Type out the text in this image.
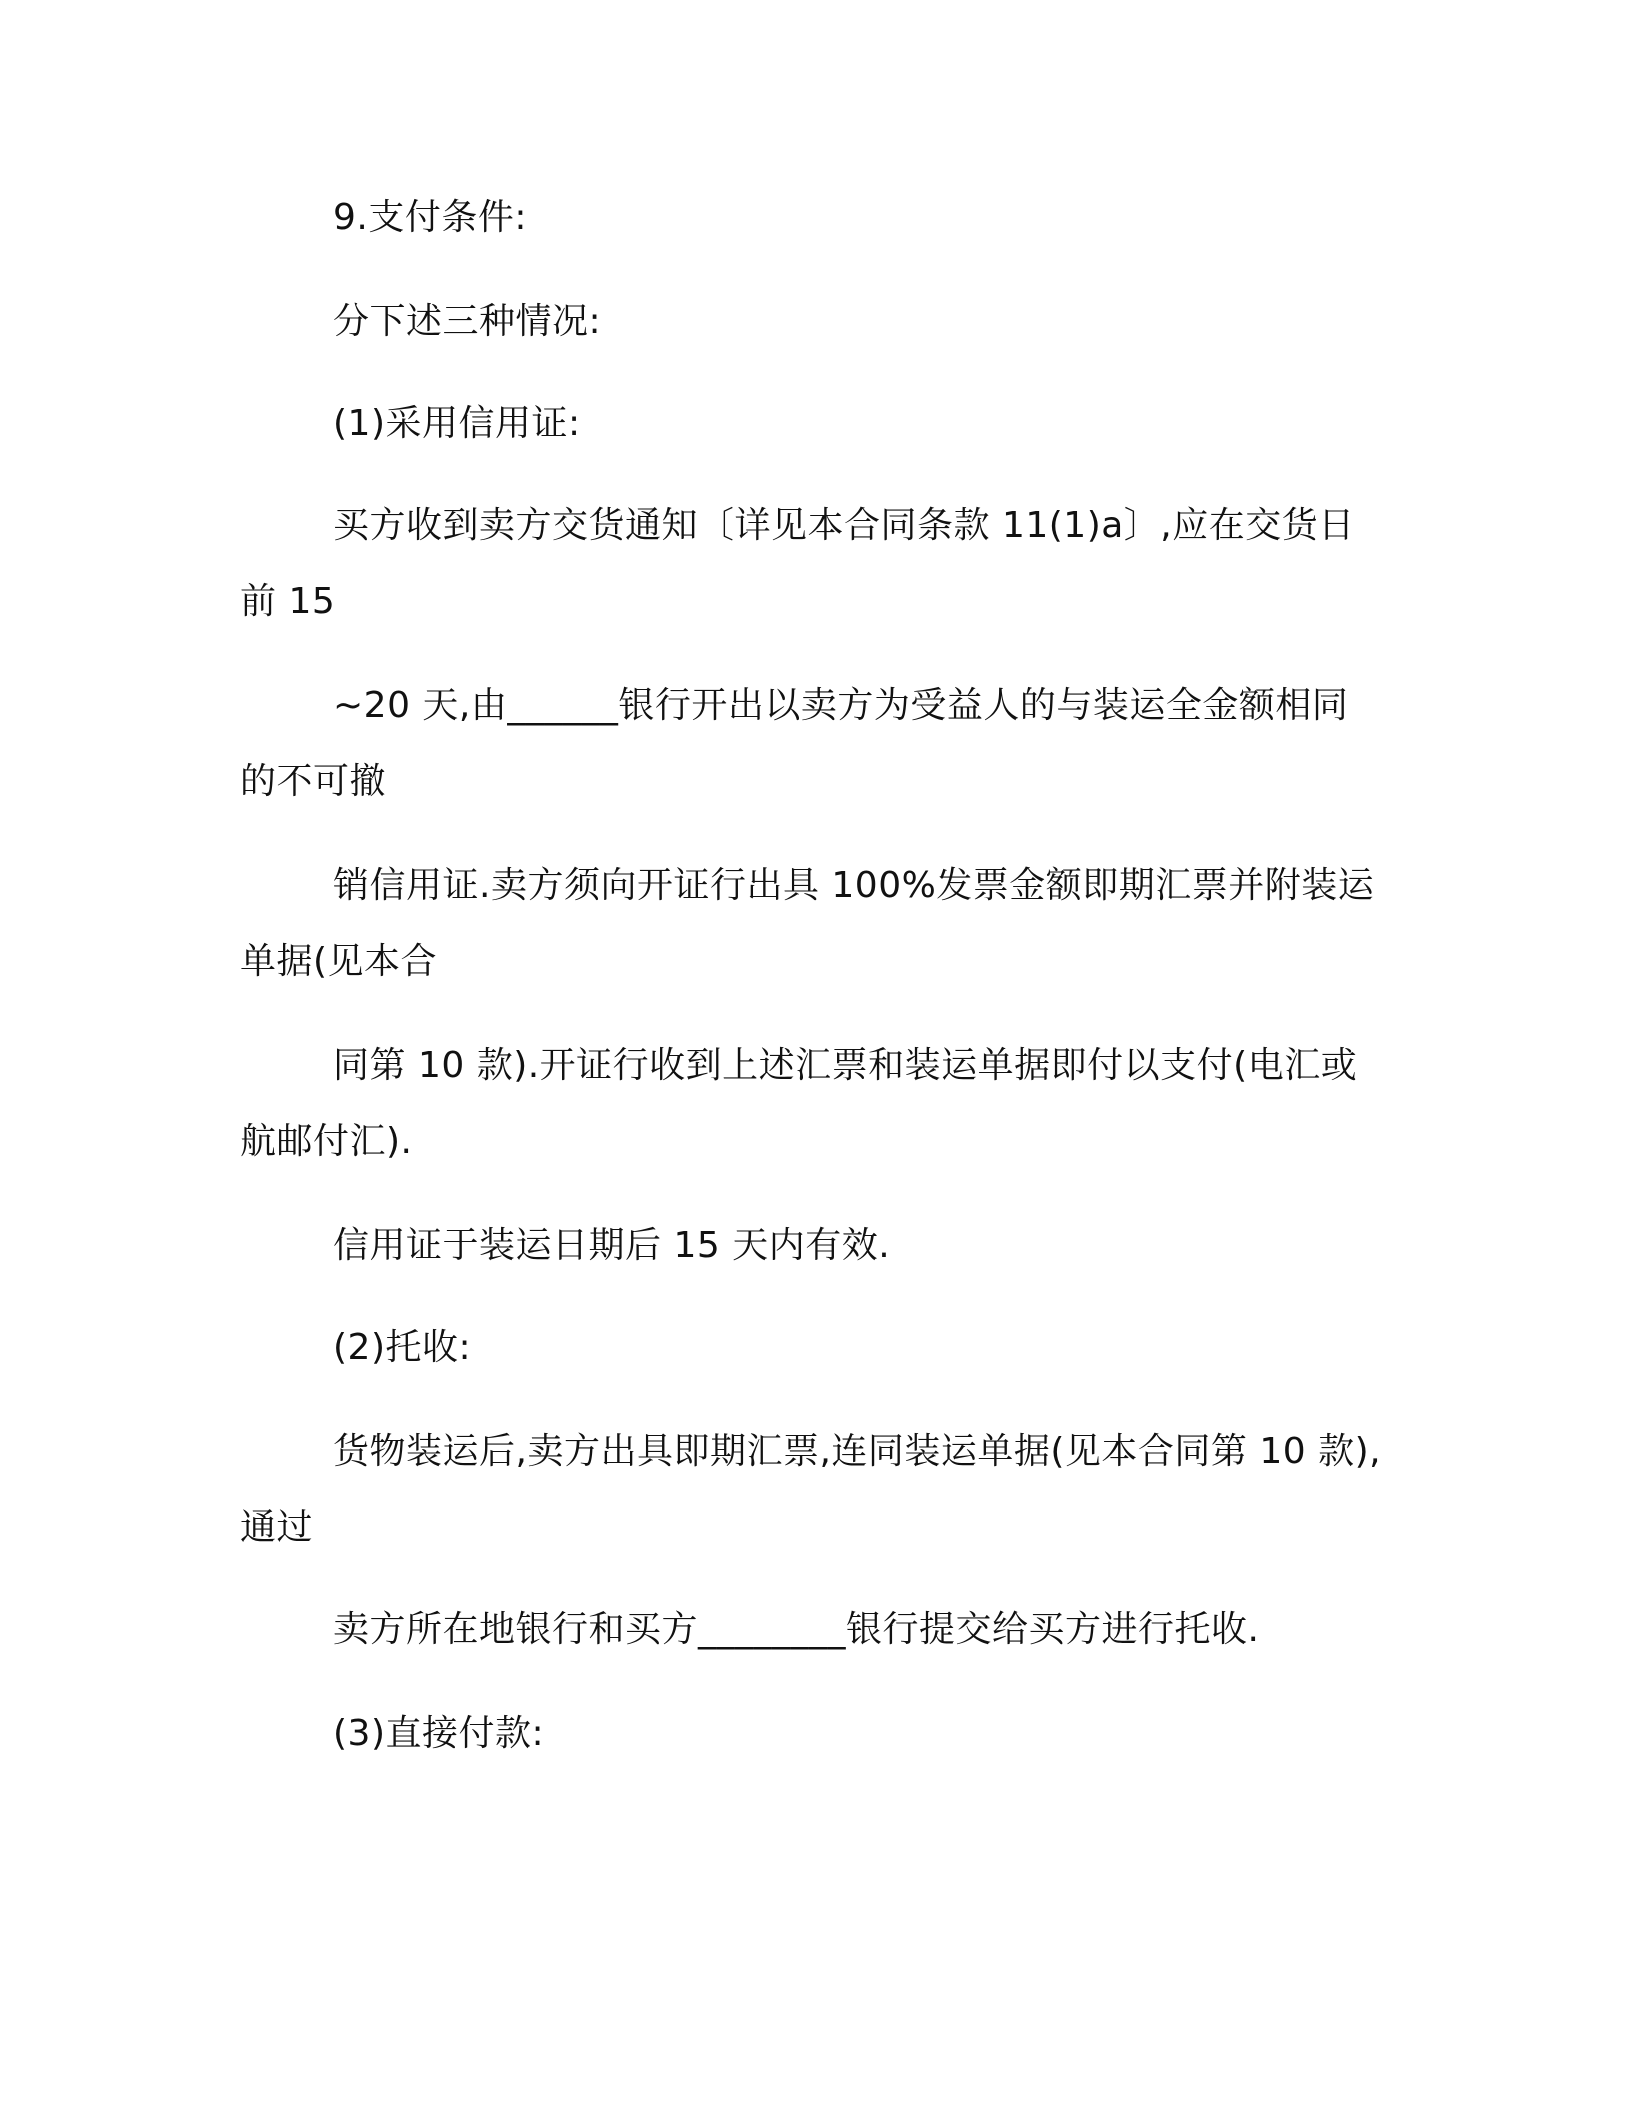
9.支付条件:
分下述三种情况:
(1)采用信用证:
买方收到卖方交货通知〔详见本合同条款 11(1)a〕,应在交货日
前 15
~20 天,由______银行开出以卖方为受益人的与装运全金额相同
的不可撤
销信用证.卖方须向开证行出具 100%发票金额即期汇票并附装运
单据(见本合
同第 10 款).开证行收到上述汇票和装运单据即付以支付(电汇或
航邮付汇).
信用证于装运日期后 15 天内有效.
(2)托收:
货物装运后,卖方出具即期汇票,连同装运单据(见本合同第 10 款),
通过
卖方所在地银行和买方________银行提交给买方进行托收.
(3)直接付款:
